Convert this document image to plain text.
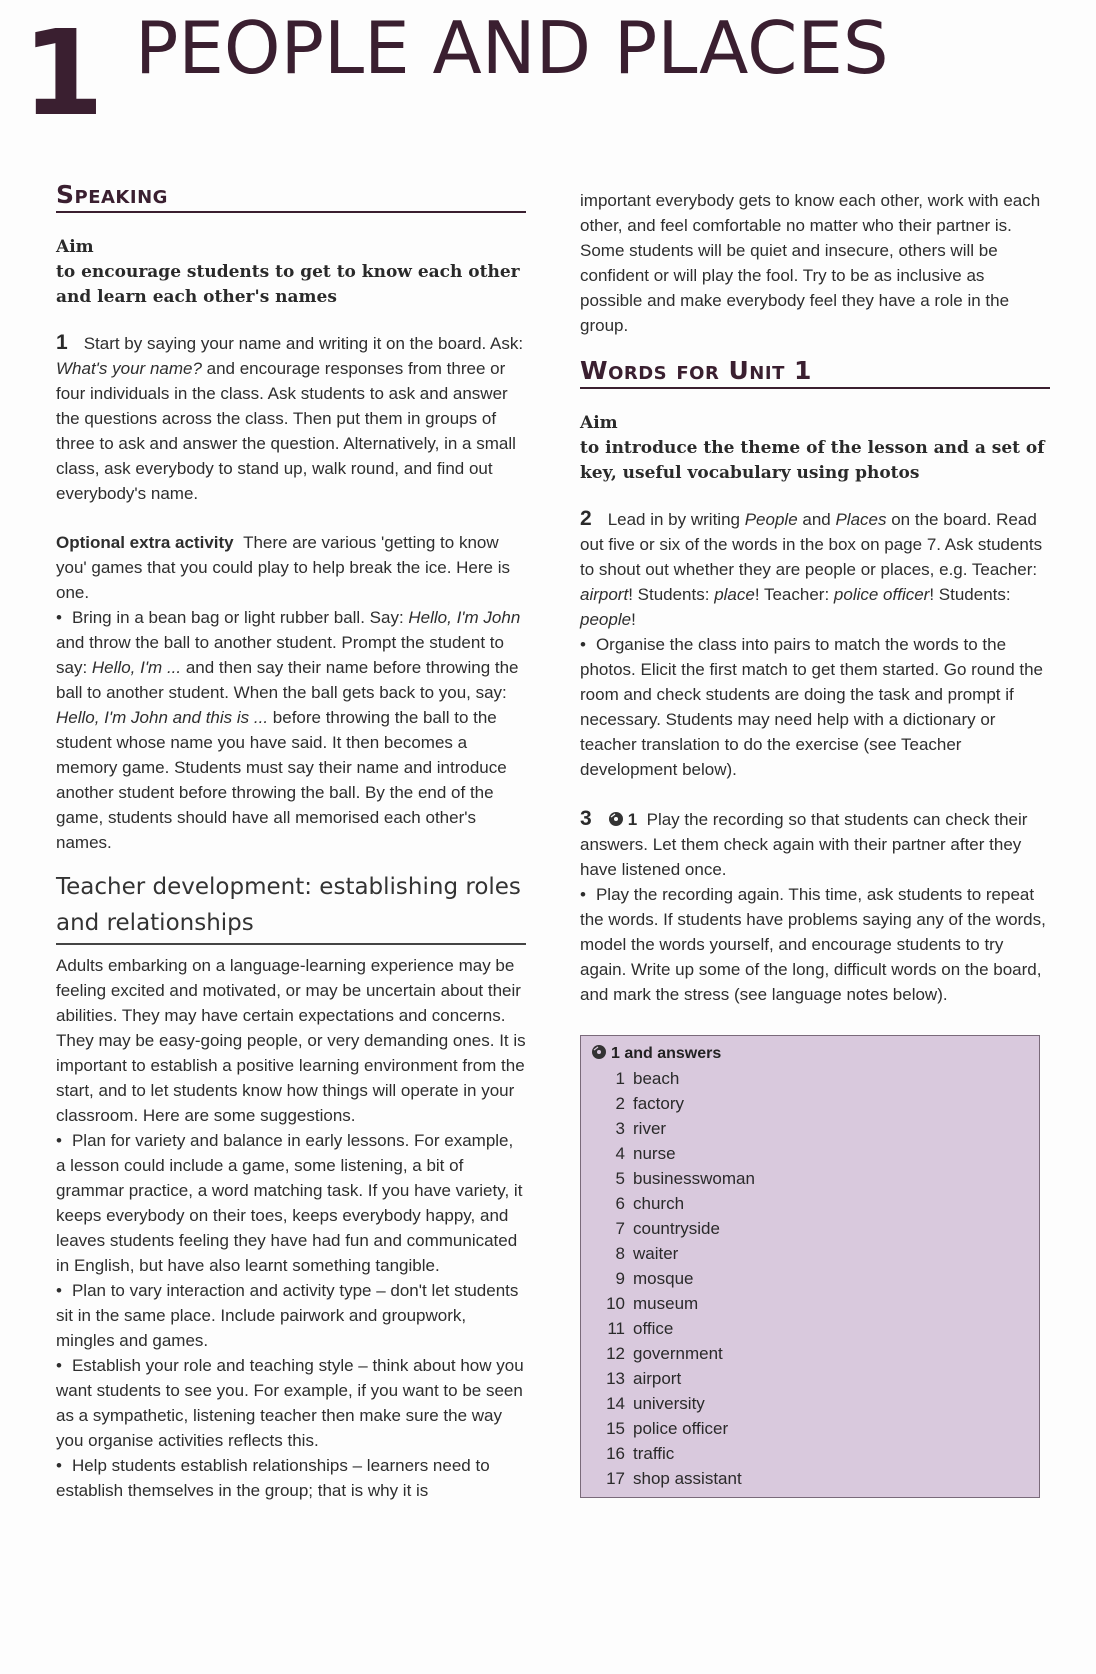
1 PEOPLE AND PLACES
Speaking
Aim
to encourage students to get to know each other and learn each other's names

1 Start by saying your name and writing it on the board. Ask: What's your name? and encourage responses from three or four individuals in the class. Ask students to ask and answer the questions across the class. Then put them in groups of three to ask and answer the question. Alternatively, in a small class, ask everybody to stand up, walk round, and find out everybody's name.

Optional extra activity There are various 'getting to know you' games that you could play to help break the ice. Here is one.

• Bring in a bean bag or light rubber ball. Say: Hello, I'm John and throw the ball to another student. Prompt the student to say: Hello, I'm ... and then say their name before throwing the ball to another student. When the ball gets back to you, say: Hello, I'm John and this is ... before throwing the ball to the student whose name you have said. It then becomes a memory game. Students must say their name and introduce another student before throwing the ball. By the end of the game, students should have all memorised each other's names.

Teacher development: establishing roles and relationships

Adults embarking on a language-learning experience may be feeling excited and motivated, or may be uncertain about their abilities. They may have certain expectations and concerns. They may be easy-going people, or very demanding ones. It is important to establish a positive learning environment from the start, and to let students know how things will operate in your classroom. Here are some suggestions.

• Plan for variety and balance in early lessons. For example, a lesson could include a game, some listening, a bit of grammar practice, a word matching task. If you have variety, it keeps everybody on their toes, keeps everybody happy, and leaves students feeling they have had fun and communicated in English, but have also learnt something tangible.

• Plan to vary interaction and activity type – don't let students sit in the same place. Include pairwork and groupwork, mingles and games.

• Establish your role and teaching style – think about how you want students to see you. For example, if you want to be seen as a sympathetic, listening teacher then make sure the way you organise activities reflects this.

• Help students establish relationships – learners need to establish themselves in the group; that is why it is

important everybody gets to know each other, work with each other, and feel comfortable no matter who their partner is. Some students will be quiet and insecure, others will be confident or will play the fool. Try to be as inclusive as possible and make everybody feel they have a role in the group.

Words for Unit 1
Aim
to introduce the theme of the lesson and a set of key, useful vocabulary using photos

2 Lead in by writing People and Places on the board. Read out five or six of the words in the box on page 7. Ask students to shout out whether they are people or places, e.g. Teacher: airport! Students: place! Teacher: police officer! Students: people!

• Organise the class into pairs to match the words to the photos. Elicit the first match to get them started. Go round the room and check students are doing the task and prompt if necessary. Students may need help with a dictionary or teacher translation to do the exercise (see Teacher development below).

3 1 Play the recording so that students can check their answers. Let them check again with their partner after they have listened once.

• Play the recording again. This time, ask students to repeat the words. If students have problems saying any of the words, model the words yourself, and encourage students to try again. Write up some of the long, difficult words on the board, and mark the stress (see language notes below).

1 and answers
1 beach
2 factory
3 river
4 nurse
5 businesswoman
6 church
7 countryside
8 waiter
9 mosque
10 museum
11 office
12 government
13 airport
14 university
15 police officer
16 traffic
17 shop assistant
